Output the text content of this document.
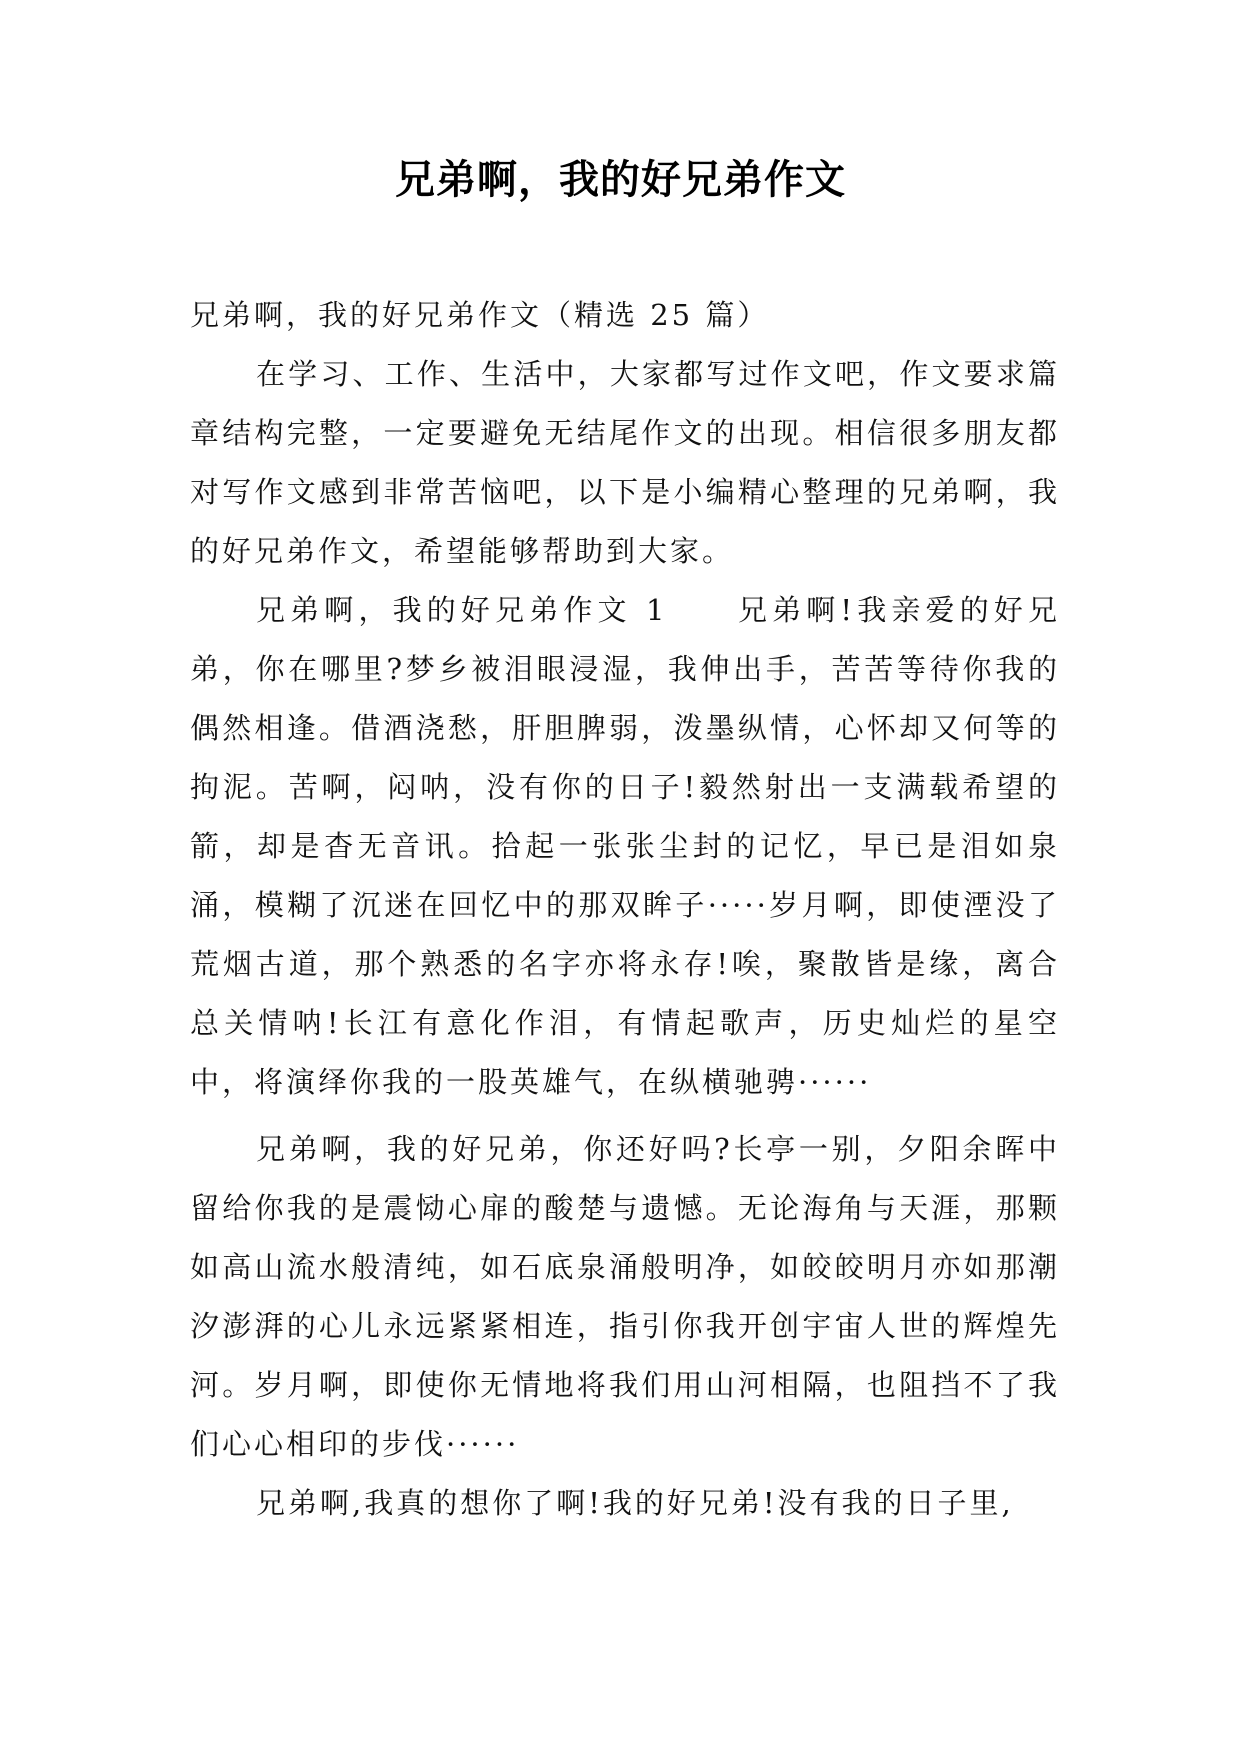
兄弟啊，我的好兄弟作文

兄弟啊，我的好兄弟作文（精选 25 篇）

在学习、工作、生活中，大家都写过作文吧，作文要求篇章结构完整，一定要避免无结尾作文的出现。相信很多朋友都对写作文感到非常苦恼吧，以下是小编精心整理的兄弟啊，我的好兄弟作文，希望能够帮助到大家。

兄弟啊，我的好兄弟作文 1　　兄弟啊!我亲爱的好兄弟，你在哪里?梦乡被泪眼浸湿，我伸出手，苦苦等待你我的偶然相逢。借酒浇愁，肝胆脾弱，泼墨纵情，心怀却又何等的拘泥。苦啊，闷呐，没有你的日子!毅然射出一支满载希望的箭，却是杳无音讯。拾起一张张尘封的记忆，早已是泪如泉涌，模糊了沉迷在回忆中的那双眸子·····岁月啊，即使湮没了荒烟古道，那个熟悉的名字亦将永存!唉，聚散皆是缘，离合总关情呐!长江有意化作泪，有情起歌声，历史灿烂的星空中，将演绎你我的一股英雄气，在纵横驰骋······

兄弟啊，我的好兄弟，你还好吗?长亭一别，夕阳余晖中留给你我的是震恸心扉的酸楚与遗憾。无论海角与天涯，那颗如高山流水般清纯，如石底泉涌般明净，如皎皎明月亦如那潮汐澎湃的心儿永远紧紧相连，指引你我开创宇宙人世的辉煌先河。岁月啊，即使你无情地将我们用山河相隔，也阻挡不了我们心心相印的步伐······

兄弟啊,我真的想你了啊!我的好兄弟!没有我的日子里,
